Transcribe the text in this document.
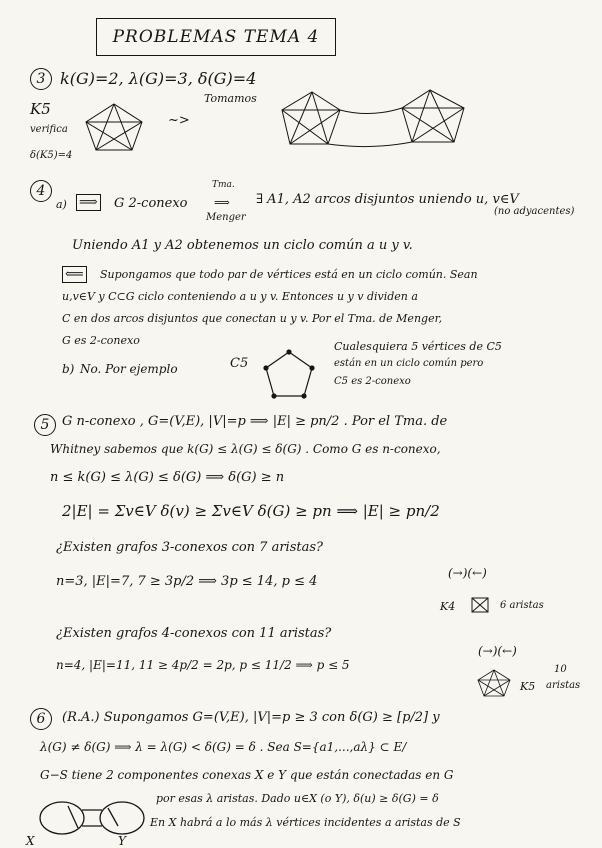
PROBLEMAS TEMA 4
3 k(G)=2, λ(G)=3, δ(G)=4
K5
verifica
δ(K5)=4
~>
Tomamos
4
a) ⟹ G 2-conexo
Tma.
⟹
Menger
∃ A1, A2 arcos disjuntos uniendo u, v∈V
(no adyacentes)
Uniendo A1 y A2 obtenemos un ciclo común a u y v.
⟸ Supongamos que todo par de vértices está en un ciclo común. Sean
u,v∈V y C⊂G ciclo conteniendo a u y v. Entonces u y v dividen a
C en dos arcos disjuntos que conectan u y v. Por el Tma. de Menger,
G es 2-conexo
b) No. Por ejemplo	C5
Cualesquiera 5 vértices de C5
están en un ciclo común pero
C5 es 2-conexo
5 G n-conexo , G=(V,E), |V|=p ⟹ |E| ≥ pn/2 . Por el Tma. de
Whitney sabemos que k(G) ≤ λ(G) ≤ δ(G) . Como G es n-conexo,
n ≤ k(G) ≤ λ(G) ≤ δ(G) ⟹ δ(G) ≥ n
2|E| = Σv∈V δ(v) ≥ Σv∈V δ(G) ≥ pn ⟹ |E| ≥ pn/2
¿Existen grafos 3-conexos con 7 aristas?
n=3, |E|=7, 7 ≥ 3p/2 ⟹ 3p ≤ 14, p ≤ 4
(→)(←)
K4	6 aristas
¿Existen grafos 4-conexos con 11 aristas?
n=4, |E|=11, 11 ≥ 4p/2 = 2p, p ≤ 11/2 ⟹ p ≤ 5
(→)(←)
K5
10
aristas
6	(R.A.) Supongamos G=(V,E), |V|=p ≥ 3 con δ(G) ≥ [p/2] y
λ(G) ≠ δ(G) ⟹ λ = λ(G) < δ(G) = δ . Sea S={a1,...,aλ} ⊂ E/
G−S tiene 2 componentes conexas X e Y que están conectadas en G
por esas λ aristas. Dado u∈X (o Y), δ(u) ≥ δ(G) = δ
En X habrá a lo más λ vértices incidentes a aristas de S
X	Y
